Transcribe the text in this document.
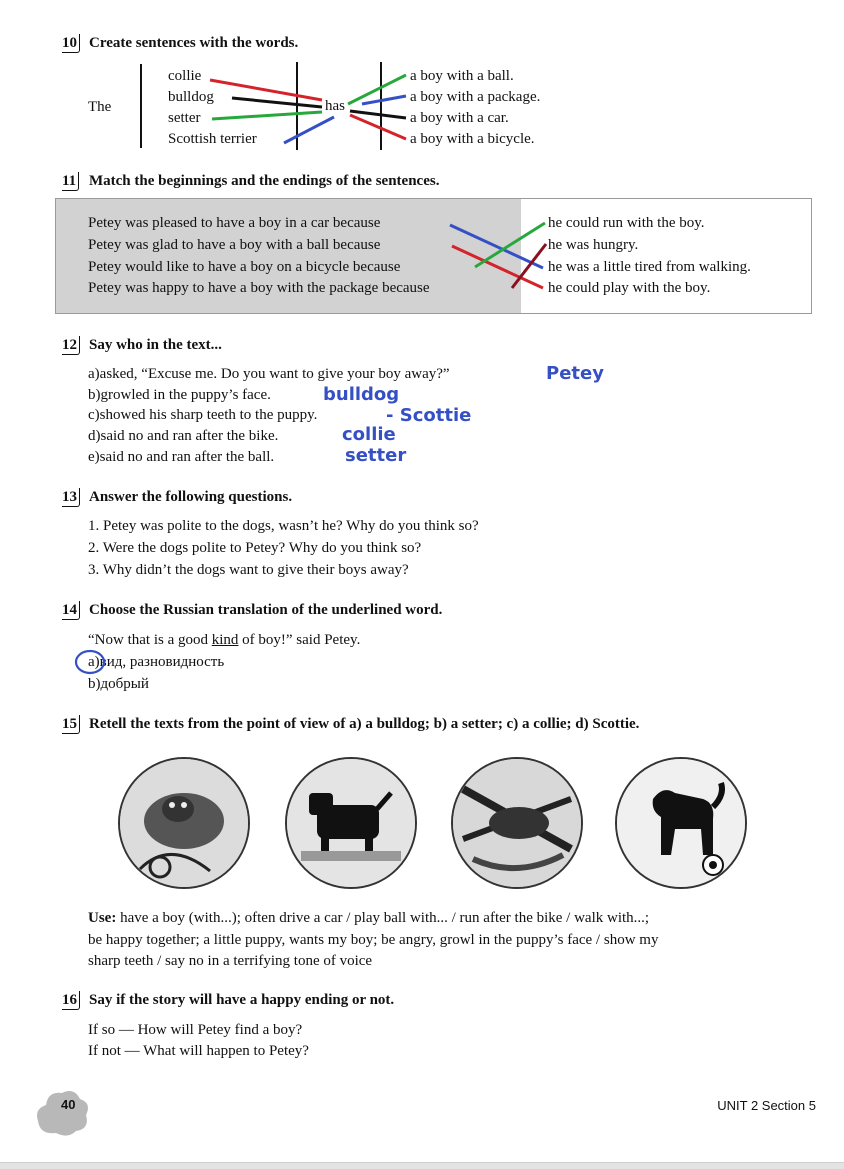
10 Create sentences with the words.
The
collie
bulldog
setter
Scottish terrier
has
a boy with a ball.
a boy with a package.
a boy with a car.
a boy with a bicycle.
11 Match the beginnings and the endings of the sentences.
Petey was pleased to have a boy in a car because
Petey was glad to have a boy with a ball because
Petey would like to have a boy on a bicycle because
Petey was happy to have a boy with the package because
he could run with the boy.
he was hungry.
he was a little tired from walking.
he could play with the boy.
12 Say who in the text...
a)asked, “Excuse me. Do you want to give your boy away?”	Petey
b)growled in the puppy’s face.	bulldog
c)showed his sharp teeth to the puppy.	- Scottie
d)said no and ran after the bike.	collie
e)said no and ran after the ball.	setter
13 Answer the following questions.
1. Petey was polite to the dogs, wasn’t he? Why do you think so?
2. Were the dogs polite to Petey? Why do you think so?
3. Why didn’t the dogs want to give their boys away?
14 Choose the Russian translation of the underlined word.
“Now that is a good kind of boy!” said Petey.
a)вид, разновидность
b)добрый
15 Retell the texts from the point of view of a) a bulldog; b) a setter; c) a collie; d) Scottie.
Use: have a boy (with...); often drive a car / play ball with... / run after the bike / walk with...;
be happy together; a little puppy, wants my boy; be angry, growl in the puppy’s face / show my
sharp teeth / say no in a terrifying tone of voice
16 Say if the story will have a happy ending or not.
If so — How will Petey find a boy?
If not — What will happen to Petey?
40	UNIT 2 Section 5
